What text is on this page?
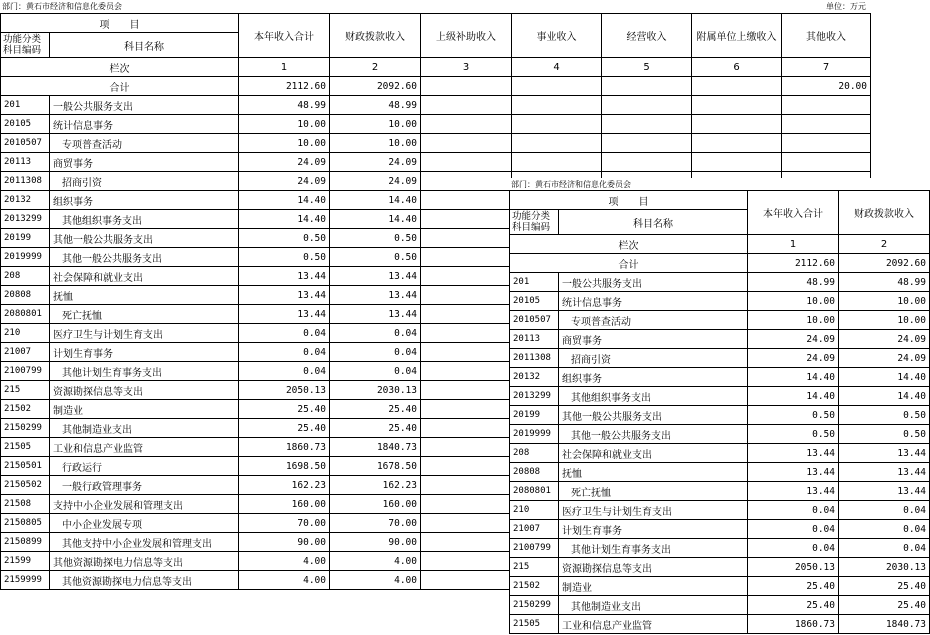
部门：黄石市经济和信息化委员会	单位：万元
项　　目		本年收入合计	财政拨款收入	上级补助收入	事业收入	经营收入	附属单位上缴收入	其他收入

功能分类
科目编码	科目名称							
栏次		1	2	3	4	5	6	7
合计		2112.60	2092.60					20.00
201	一般公共服务支出	48.99	48.99					
20105	统计信息事务	10.00	10.00					
2010507	专项普查活动	10.00	10.00					
20113	商贸事务	24.09	24.09					
2011308	招商引资	24.09	24.09					
20132	组织事务	14.40	14.40					
2013299	其他组织事务支出	14.40	14.40					
20199	其他一般公共服务支出	0.50	0.50					
2019999	其他一般公共服务支出	0.50	0.50					
208	社会保障和就业支出	13.44	13.44					
20808	抚恤	13.44	13.44					
2080801	死亡抚恤	13.44	13.44					
210	医疗卫生与计划生育支出	0.04	0.04					
21007	计划生育事务	0.04	0.04					
2100799	其他计划生育事务支出	0.04	0.04					
215	资源勘探信息等支出	2050.13	2030.13					
21502	制造业	25.40	25.40					
2150299	其他制造业支出	25.40	25.40					
21505	工业和信息产业监管	1860.73	1840.73					
2150501	行政运行	1698.50	1678.50					
2150502	一般行政管理事务	162.23	162.23					
21508	支持中小企业发展和管理支出	160.00	160.00					
2150805	中小企业发展专项	70.00	70.00					
2150899	其他支持中小企业发展和管理支出	90.00	90.00					
21599	其他资源勘探电力信息等支出	4.00	4.00					
2159999	其他资源勘探电力信息等支出	4.00	4.00					
部门：黄石市经济和信息化委员会
项　　目		本年收入合计	财政拨款收入

功能分类
科目编码	科目名称		
栏次		1	2
合计		2112.60	2092.60
201	一般公共服务支出	48.99	48.99
20105	统计信息事务	10.00	10.00
2010507	专项普查活动	10.00	10.00
20113	商贸事务	24.09	24.09
2011308	招商引资	24.09	24.09
20132	组织事务	14.40	14.40
2013299	其他组织事务支出	14.40	14.40
20199	其他一般公共服务支出	0.50	0.50
2019999	其他一般公共服务支出	0.50	0.50
208	社会保障和就业支出	13.44	13.44
20808	抚恤	13.44	13.44
2080801	死亡抚恤	13.44	13.44
210	医疗卫生与计划生育支出	0.04	0.04
21007	计划生育事务	0.04	0.04
2100799	其他计划生育事务支出	0.04	0.04
215	资源勘探信息等支出	2050.13	2030.13
21502	制造业	25.40	25.40
2150299	其他制造业支出	25.40	25.40
21505	工业和信息产业监管	1860.73	1840.73
